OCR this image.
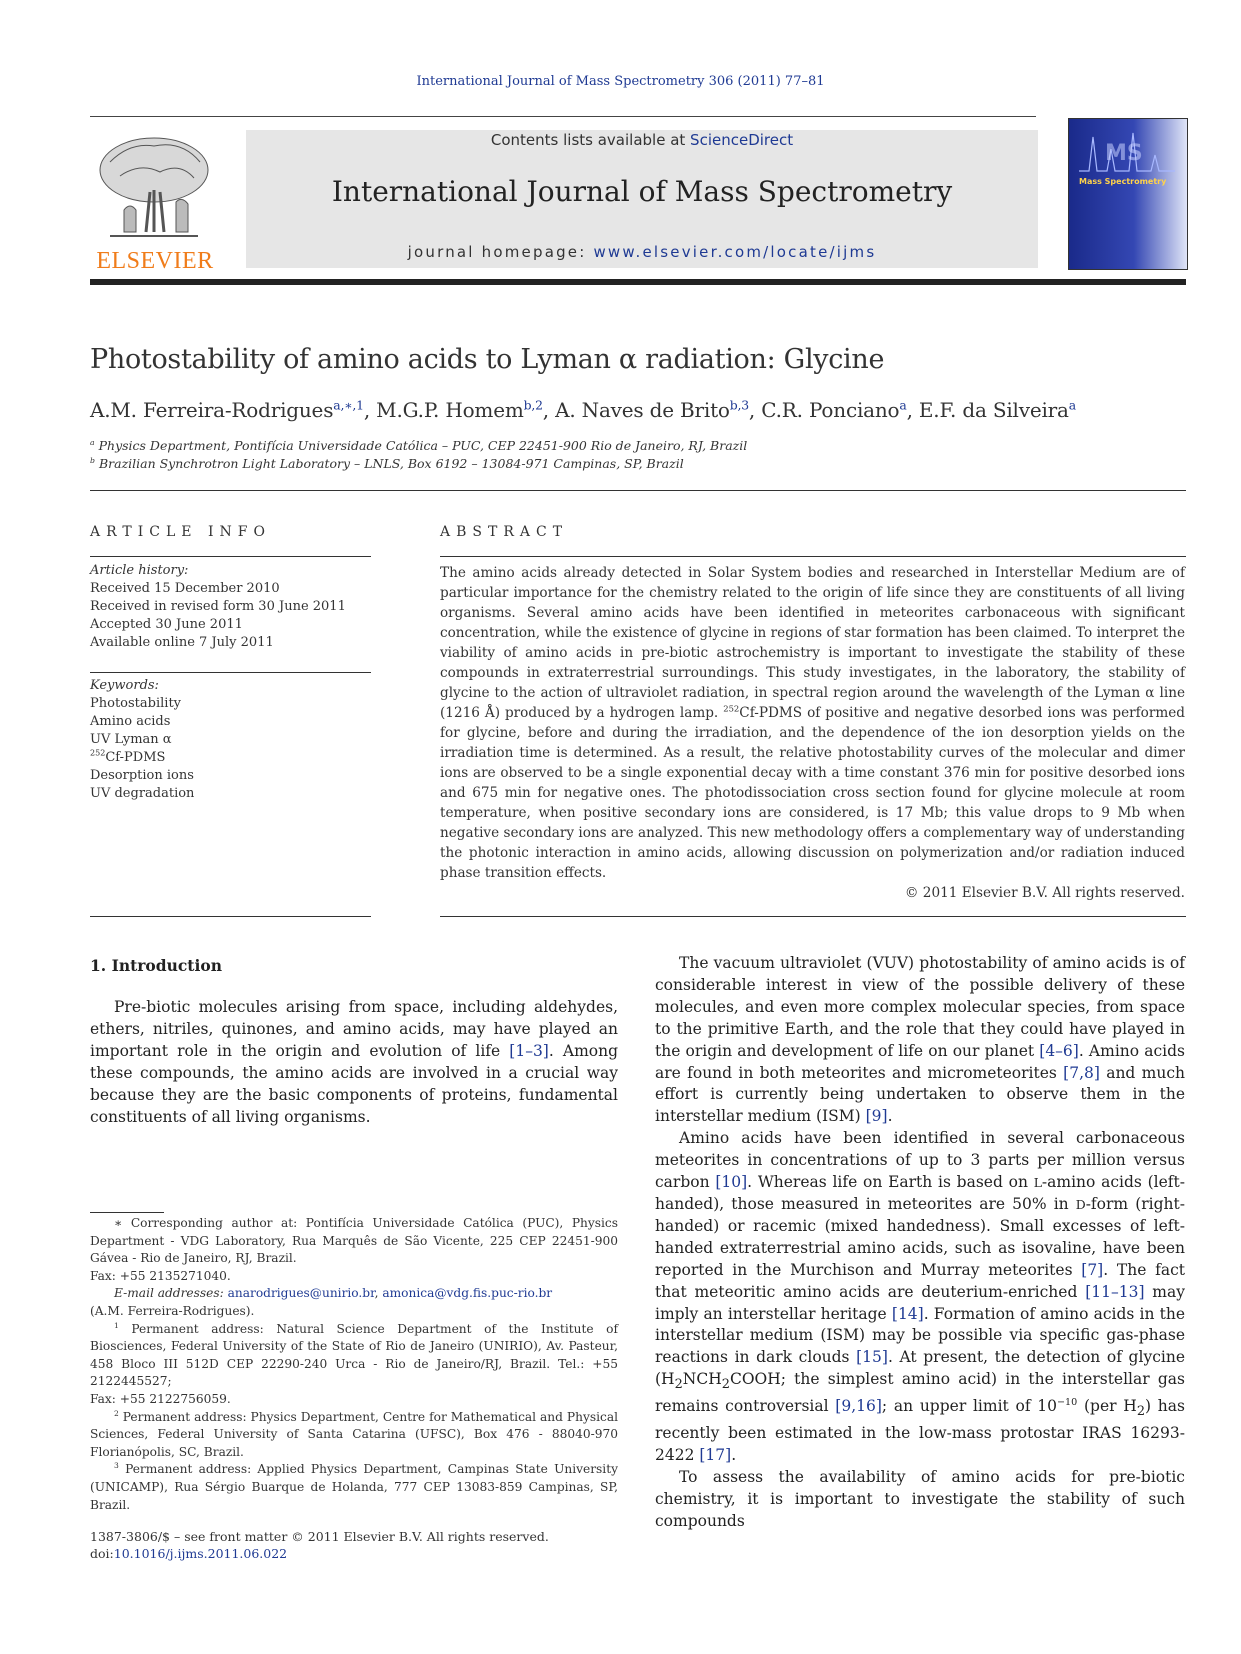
International Journal of Mass Spectrometry 306 (2011) 77–81
ELSEVIER
Contents lists available at ScienceDirect
International Journal of Mass Spectrometry
journal homepage: www.elsevier.com/locate/ijms
MS
Mass Spectrometry
Photostability of amino acids to Lyman α radiation: Glycine
A.M. Ferreira-Rodrigues$^{a,∗,1}$, M.G.P. Homem$^{b,2}$, A. Naves de Brito$^{b,3}$, C.R. Ponciano$^a$, E.F. da Silveira$^a$
$^a$ Physics Department, Pontifícia Universidade Católica – PUC, CEP 22451-900 Rio de Janeiro, RJ, Brazil
$^b$ Brazilian Synchrotron Light Laboratory – LNLS, Box 6192 – 13084-971 Campinas, SP, Brazil
ARTICLE INFO
Article history:
Received 15 December 2010
Received in revised form 30 June 2011
Accepted 30 June 2011
Available online 7 July 2011
Keywords:
Photostability
Amino acids
UV Lyman α
$^{252}$Cf-PDMS
Desorption ions
UV degradation
ABSTRACT
The amino acids already detected in Solar System bodies and researched in Interstellar Medium are of particular importance for the chemistry related to the origin of life since they are constituents of all living organisms. Several amino acids have been identified in meteorites carbonaceous with significant concentration, while the existence of glycine in regions of star formation has been claimed. To interpret the viability of amino acids in pre-biotic astrochemistry is important to investigate the stability of these compounds in extraterrestrial surroundings. This study investigates, in the laboratory, the stability of glycine to the action of ultraviolet radiation, in spectral region around the wavelength of the Lyman α line (1216 Å) produced by a hydrogen lamp. $^{252}$Cf-PDMS of positive and negative desorbed ions was performed for glycine, before and during the irradiation, and the dependence of the ion desorption yields on the irradiation time is determined. As a result, the relative photostability curves of the molecular and dimer ions are observed to be a single exponential decay with a time constant 376 min for positive desorbed ions and 675 min for negative ones. The photodissociation cross section found for glycine molecule at room temperature, when positive secondary ions are considered, is 17 Mb; this value drops to 9 Mb when negative secondary ions are analyzed. This new methodology offers a complementary way of understanding the photonic interaction in amino acids, allowing discussion on polymerization and/or radiation induced phase transition effects.
© 2011 Elsevier B.V. All rights reserved.
1. Introduction
Pre-biotic molecules arising from space, including aldehydes, ethers, nitriles, quinones, and amino acids, may have played an important role in the origin and evolution of life [1–3]. Among these compounds, the amino acids are involved in a crucial way because they are the basic components of proteins, fundamental constituents of all living organisms.

The vacuum ultraviolet (VUV) photostability of amino acids is of considerable interest in view of the possible delivery of these molecules, and even more complex molecular species, from space to the primitive Earth, and the role that they could have played in the origin and development of life on our planet [4–6]. Amino acids are found in both meteorites and micrometeorites [7,8] and much effort is currently being undertaken to observe them in the interstellar medium (ISM) [9].

Amino acids have been identified in several carbonaceous meteorites in concentrations of up to 3 parts per million versus carbon [10]. Whereas life on Earth is based on L-amino acids (left-handed), those measured in meteorites are 50% in D-form (right-handed) or racemic (mixed handedness). Small excesses of left-handed extraterrestrial amino acids, such as isovaline, have been reported in the Murchison and Murray meteorites [7]. The fact that meteoritic amino acids are deuterium-enriched [11–13] may imply an interstellar heritage [14]. Formation of amino acids in the interstellar medium (ISM) may be possible via specific gas-phase reactions in dark clouds [15]. At present, the detection of glycine ($H_2NCH_2COOH$; the simplest amino acid) in the interstellar gas remains controversial [9,16]; an upper limit of $10^{-10}$ (per $H_2$) has recently been estimated in the low-mass protostar IRAS 16293-2422 [17].

To assess the availability of amino acids for pre-biotic chemistry, it is important to investigate the stability of such compounds

∗ Corresponding author at: Pontifícia Universidade Católica (PUC), Physics Department - VDG Laboratory, Rua Marquês de São Vicente, 225 CEP 22451-900 Gávea - Rio de Janeiro, RJ, Brazil.

Fax: +55 2135271040.

E-mail addresses: anarodrigues@unirio.br, amonica@vdg.fis.puc-rio.br

(A.M. Ferreira-Rodrigues).

$^1$ Permanent address: Natural Science Department of the Institute of Biosciences, Federal University of the State of Rio de Janeiro (UNIRIO), Av. Pasteur, 458 Bloco III 512D CEP 22290-240 Urca - Rio de Janeiro/RJ, Brazil. Tel.: +55 2122445527;

Fax: +55 2122756059.

$^2$ Permanent address: Physics Department, Centre for Mathematical and Physical Sciences, Federal University of Santa Catarina (UFSC), Box 476 - 88040-970 Florianópolis, SC, Brazil.

$^3$ Permanent address: Applied Physics Department, Campinas State University (UNICAMP), Rua Sérgio Buarque de Holanda, 777 CEP 13083-859 Campinas, SP, Brazil.

1387-3806/$ – see front matter © 2011 Elsevier B.V. All rights reserved.
doi:10.1016/j.ijms.2011.06.022
